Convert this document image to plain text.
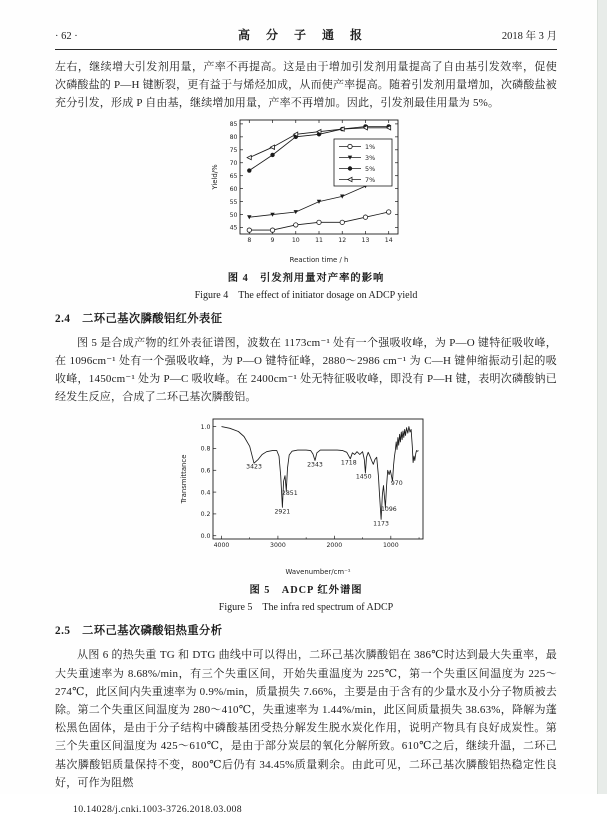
· 62 ·	高　分　子　通　报	2018 年 3 月

左右，继续增大引发剂用量，产率不再提高。这是由于增加引发剂用量提高了自由基引发效率，促使次磷酸盐的 P—H 键断裂，更有益于与烯烃加成，从而使产率提高。随着引发剂用量增加，次磷酸盐被充分引发，形成 P 自由基，继续增加用量，产率不再增加。因此，引发剂最佳用量为 5%。

8	9	10 11 12 13 14
45
50
55
60
65
70
75
80
85
1%
3%
5%
7%
Reaction time / h
Yield/%
图 4　引发剂用量对产率的影响
Figure 4　The effect of initiator dosage on ADCP yield
2.4　二环己基次膦酸铝红外表征

图 5 是合成产物的红外表征谱图，波数在 1173cm⁻¹ 处有一个强吸收峰，为 P—O 键特征吸收峰，在 1096cm⁻¹ 处有一个强吸收峰，为 P—O 键特征峰，2880～2986 cm⁻¹ 为 C—H 键伸缩振动引起的吸收峰，1450cm⁻¹ 处为 P—C 吸收峰。在 2400cm⁻¹ 处无特征吸收峰，即没有 P—H 键，表明次磷酸钠已经发生反应，合成了二环己基次膦酸铝。

4000	3000	2000	1000
0.0
0.2
0.4
0.6
0.8
1.0
3423
2921
2851
2343	1718
1450
1173
1096
970
Wavenumber/cm⁻¹
Transmittance
图 5　ADCP 红外谱图
Figure 5　The infra red spectrum of ADCP
2.5　二环己基次磷酸铝热重分析

从图 6 的热失重 TG 和 DTG 曲线中可以得出，二环己基次膦酸铝在 386℃时达到最大失重率，最大失重速率为 8.68%/min，有三个失重区间，开始失重温度为 225℃，第一个失重区间温度为 225～274℃，此区间内失重速率为 0.9%/min，质量损失 7.66%，主要是由于含有的少量水及小分子物质被去除。第二个失重区间温度为 280～410℃，失重速率为 1.44%/min，此区间质量损失 38.63%，降解为蓬松黑色固体，是由于分子结构中磷酸基团受热分解发生脱水炭化作用，说明产物具有良好成炭性。第三个失重区间温度为 425～610℃，是由于部分炭层的氧化分解所致。610℃之后，继续升温，二环己基次膦酸铝质量保持不变，800℃后仍有 34.45%质量剩余。由此可见，二环己基次膦酸铝热稳定性良好，可作为阻燃

10.14028/j.cnki.1003-3726.2018.03.008
